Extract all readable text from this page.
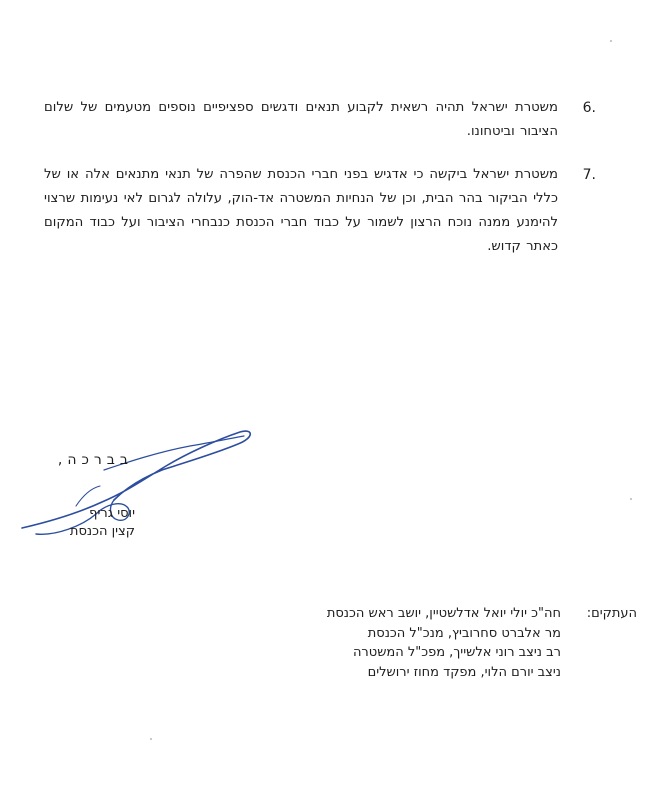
.6
משטרת ישראל תהיה רשאית לקבוע תנאים ודגשים ספציפיים נוספים מטעמים של שלום הציבור וביטחונו.
.7
משטרת ישראל ביקשה כי אדגיש בפני חברי הכנסת שהפרה של תנאי מתנאים אלה או של כללי הביקור בהר הבית, וכן של הנחיות המשטרה אד-הוק, עלולה לגרום לאי נעימות שרצוי להימנע ממנה נוכח הרצון לשמור על כבוד חברי הכנסת כנבחרי הציבור ועל כבוד המקום כאתר קדוש.
בברכה,
יוסי גריף
קצין הכנסת
העתקים:
חה"כ יולי יואל אדלשטיין, יושב ראש הכנסת
מר אלברט סחרוביץ, מנכ"ל הכנסת
רב ניצב רוני אלשייך, מפכ"ל המשטרה
ניצב יורם הלוי, מפקד מחוז ירושלים
